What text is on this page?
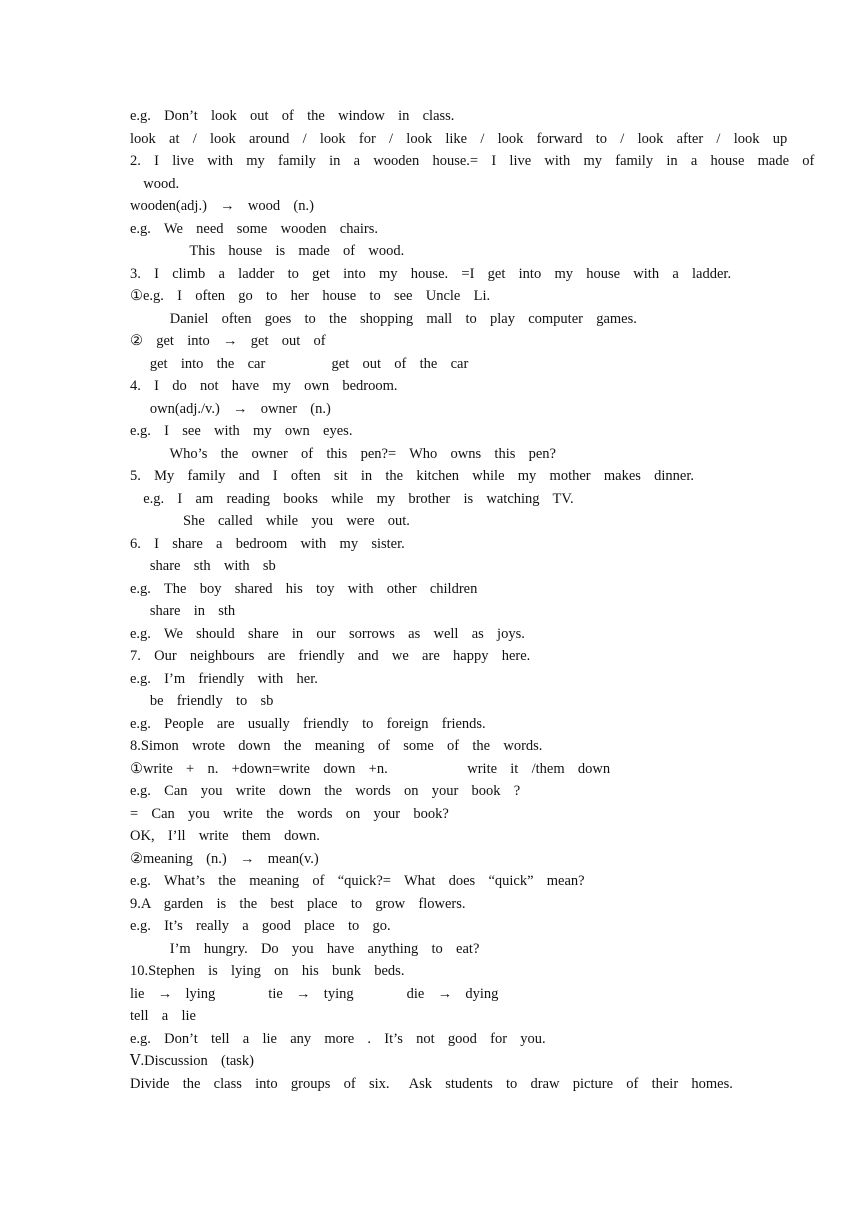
e.g.  Don’t  look  out  of  the  window  in  class.
look  at  /  look  around  /  look  for  /  look  like  /  look  forward  to  /  look  after  /  look  up
2.  I  live  with  my  family  in  a  wooden  house.=  I  live  with  my  family  in  a  house  made  of
wood.
wooden(adj.)  →  wood  (n.)
e.g.  We  need  some  wooden  chairs.
This  house  is  made  of  wood.
3.  I  climb  a  ladder  to  get  into  my  house.  =I  get  into  my  house  with  a  ladder.
①e.g.  I  often  go  to  her  house  to  see  Uncle  Li.
Daniel  often  goes  to  the  shopping  mall  to  play  computer  games.
②  get  into  →  get  out  of
get  into  the  car          get  out  of  the  car
4.  I  do  not  have  my  own  bedroom.
own(adj./v.)  →  owner  (n.)
e.g.  I  see  with  my  own  eyes.
Who’s  the  owner  of  this  pen?=  Who  owns  this  pen?
5.  My  family  and  I  often  sit  in  the  kitchen  while  my  mother  makes  dinner.
e.g.  I  am  reading  books  while  my  brother  is  watching  TV.
She  called  while  you  were  out.
6.  I  share  a  bedroom  with  my  sister.
share  sth  with  sb
e.g.  The  boy  shared  his  toy  with  other  children
share  in  sth
e.g.  We  should  share  in  our  sorrows  as  well  as  joys.
7.  Our  neighbours  are  friendly  and  we  are  happy  here.
e.g.  I’m  friendly  with  her.
be  friendly  to  sb
e.g.  People  are  usually  friendly  to  foreign  friends.
8.Simon  wrote  down  the  meaning  of  some  of  the  words.
①write  +  n.  +down=write  down  +n.            write  it  /them  down
e.g.  Can  you  write  down  the  words  on  your  book  ?
=  Can  you  write  the  words  on  your  book?
OK,  I’ll  write  them  down.
②meaning  (n.)  →  mean(v.)
e.g.  What’s  the  meaning  of  “quick?=  What  does  “quick”  mean?
9.A  garden  is  the  best  place  to  grow  flowers.
e.g.  It’s  really  a  good  place  to  go.
I’m  hungry.  Do  you  have  anything  to  eat?
10.Stephen  is  lying  on  his  bunk  beds.
lie  →  lying        tie  →  tying        die  →  dying
tell  a  lie
e.g.  Don’t  tell  a  lie  any  more  .  It’s  not  good  for  you.
Ⅴ.Discussion  (task)
Divide  the  class  into  groups  of  six.   Ask  students  to  draw  picture  of  their  homes.
